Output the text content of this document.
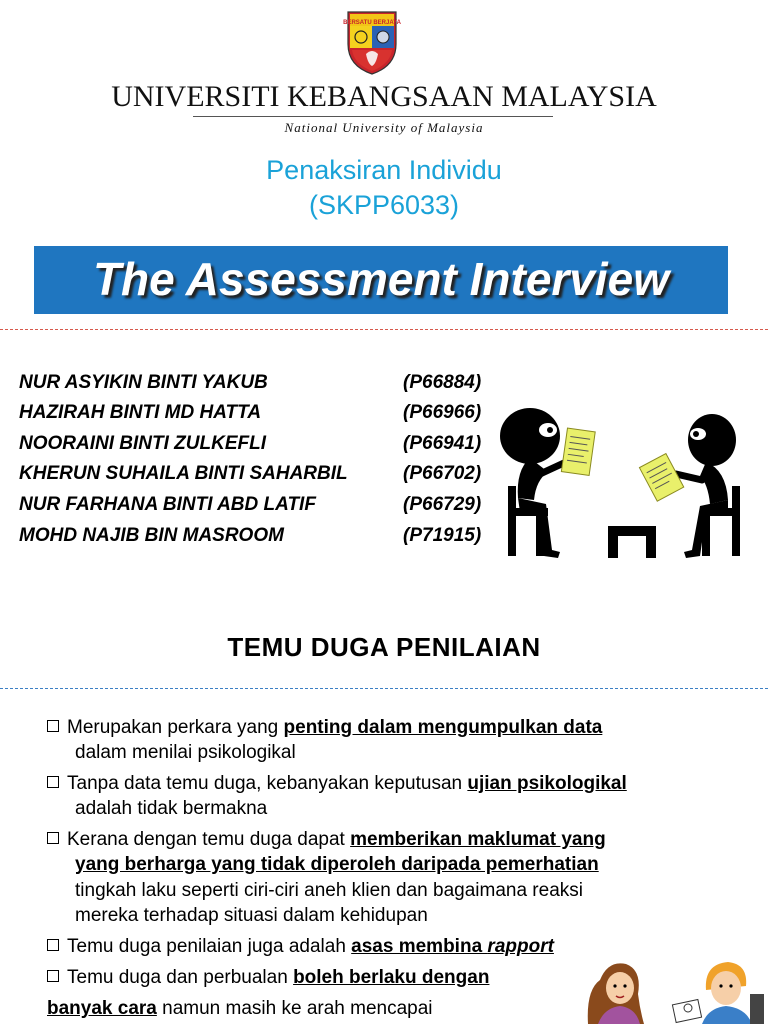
BERSATU BERJAYA
UNIVERSITI KEBANGSAAN MALAYSIA
National University of Malaysia
Penaksiran Individu
(SKPP6033)
The Assessment Interview
NUR ASYIKIN BINTI YAKUB	(P66884)
HAZIRAH BINTI MD HATTA	(P66966)
NOORAINI BINTI ZULKEFLI	(P66941)
KHERUN SUHAILA BINTI SAHARBIL	(P66702)
NUR FARHANA BINTI ABD LATIF	(P66729)
MOHD NAJIB BIN MASROOM	(P71915)
TEMU DUGA PENILAIAN
Merupakan perkara yang penting dalam mengumpulkan data
dalam menilai psikologikal
Tanpa data temu duga, kebanyakan keputusan ujian psikologikal
adalah tidak bermakna
Kerana dengan temu duga dapat memberikan maklumat yang
yang berharga yang tidak diperoleh daripada pemerhatian
tingkah laku seperti ciri-ciri aneh klien dan bagaimana reaksi
mereka terhadap situasi dalam kehidupan
Temu duga penilaian juga adalah asas membina rapport
Temu duga dan perbualan boleh berlaku dengan
banyak cara namun masih ke arah mencapai
